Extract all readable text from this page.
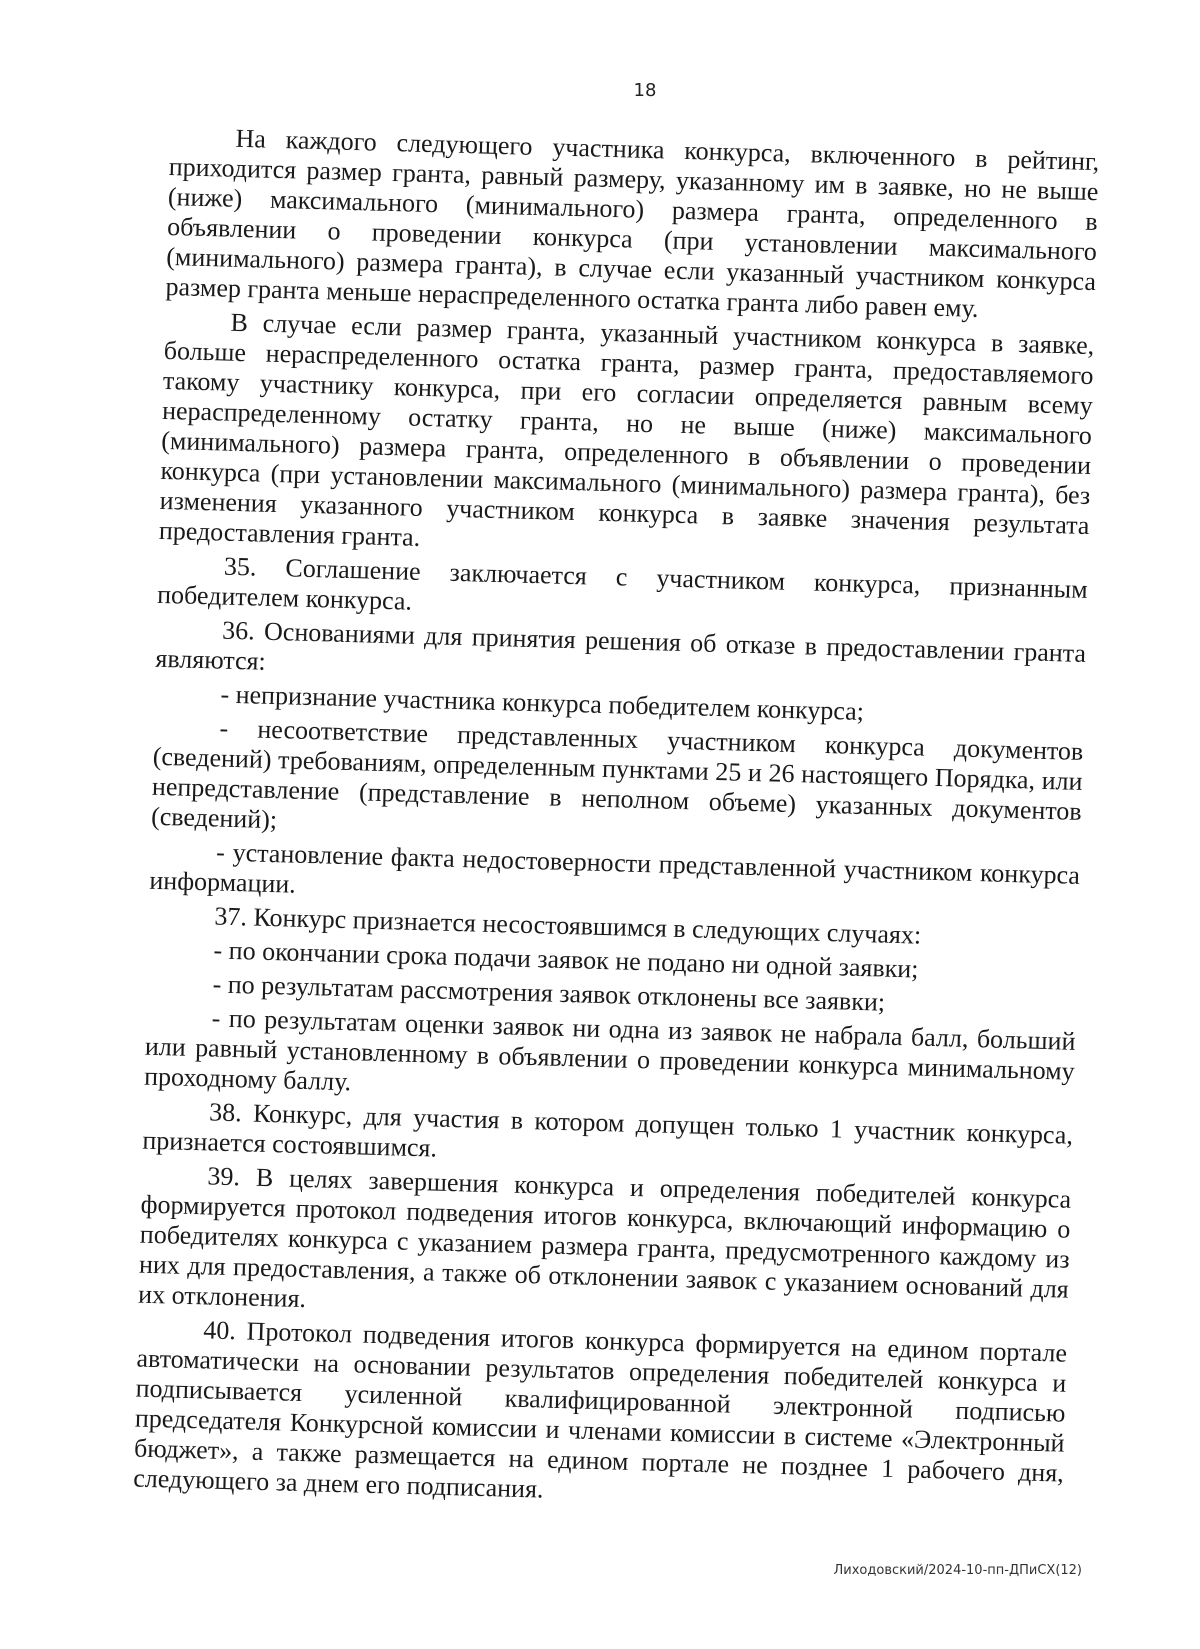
18

На каждого следующего участника конкурса, включенного в рейтинг, приходится размер гранта, равный размеру, указанному им в заявке, но не выше (ниже) максимального (минимального) размера гранта, определенного в объявлении о проведении конкурса (при установлении максимального (минимального) размера гранта), в случае если указанный участником конкурса размер гранта меньше нераспределенного остатка гранта либо равен ему.

В случае если размер гранта, указанный участником конкурса в заявке, больше нераспределенного остатка гранта, размер гранта, предоставляемого такому участнику конкурса, при его согласии определяется равным всему нераспределенному остатку гранта, но не выше (ниже) максимального (минимального) размера гранта, определенного в объявлении о проведении конкурса (при установлении максимального (минимального) размера гранта), без изменения указанного участником конкурса в заявке значения результата предоставления гранта.

35. Соглашение заключается с участником конкурса, признанным победителем конкурса.

36. Основаниями для принятия решения об отказе в предоставлении гранта являются:

- непризнание участника конкурса победителем конкурса;

- несоответствие представленных участником конкурса документов (сведений) требованиям, определенным пунктами 25 и 26 настоящего Порядка, или непредставление (представление в неполном объеме) указанных документов (сведений);

- установление факта недостоверности представленной участником конкурса информации.

37. Конкурс признается несостоявшимся в следующих случаях:

- по окончании срока подачи заявок не подано ни одной заявки;

- по результатам рассмотрения заявок отклонены все заявки;

- по результатам оценки заявок ни одна из заявок не набрала балл, больший или равный установленному в объявлении о проведении конкурса минимальному проходному баллу.

38. Конкурс, для участия в котором допущен только 1 участник конкурса, признается состоявшимся.

39. В целях завершения конкурса и определения победителей конкурса формируется протокол подведения итогов конкурса, включающий информацию о победителях конкурса с указанием размера гранта, предусмотренного каждому из них для предоставления, а также об отклонении заявок с указанием оснований для их отклонения.

40. Протокол подведения итогов конкурса формируется на едином портале автоматически на основании результатов определения победителей конкурса и подписывается усиленной квалифицированной электронной подписью председателя Конкурсной комиссии и членами комиссии в системе «Электронный бюджет», а также размещается на едином портале не позднее 1 рабочего дня, следующего за днем его подписания.

Лиходовский/2024-10-пп-ДПиСХ(12)
